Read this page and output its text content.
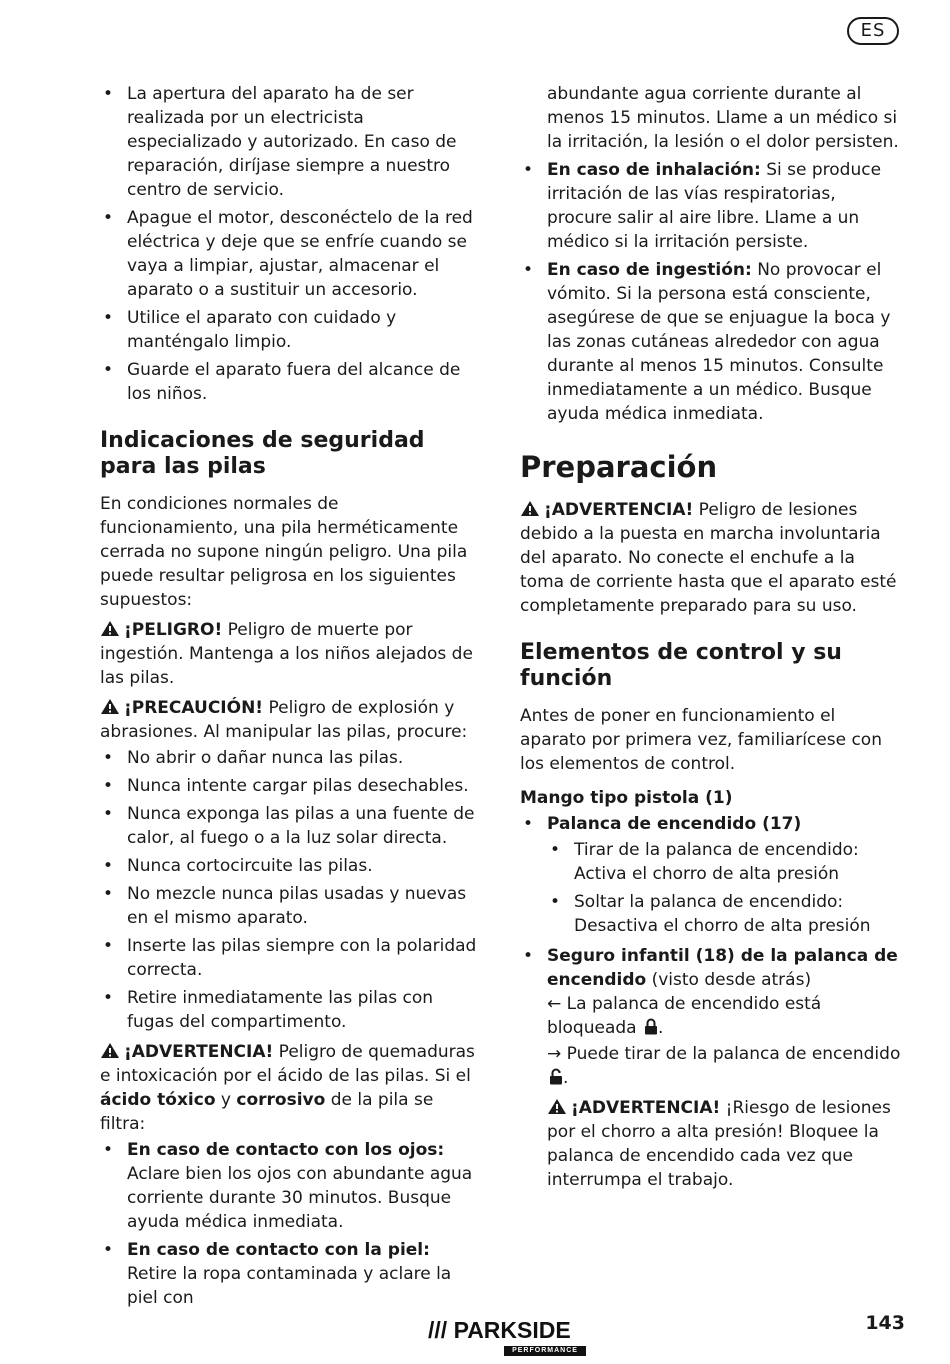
ES
• La apertura del aparato ha de ser realizada por un electricista especializado y autorizado. En caso de reparación, diríjase siempre a nuestro centro de servicio.
• Apague el motor, desconéctelo de la red eléctrica y deje que se enfríe cuando se vaya a limpiar, ajustar, almacenar el aparato o a sustituir un accesorio.
• Utilice el aparato con cuidado y manténgalo limpio.
• Guarde el aparato fuera del alcance de los niños.
Indicaciones de seguridad para las pilas

En condiciones normales de funcionamiento, una pila herméticamente cerrada no supone ningún peligro. Una pila puede resultar peligrosa en los siguientes supuestos:

¡PELIGRO! Peligro de muerte por ingestión. Mantenga a los niños alejados de las pilas.

¡PRECAUCIÓN! Peligro de explosión y abrasiones. Al manipular las pilas, procure:

• No abrir o dañar nunca las pilas.
• Nunca intente cargar pilas desechables.
• Nunca exponga las pilas a una fuente de calor, al fuego o a la luz solar directa.
• Nunca cortocircuite las pilas.
• No mezcle nunca pilas usadas y nuevas en el mismo aparato.
• Inserte las pilas siempre con la polaridad correcta.
• Retire inmediatamente las pilas con fugas del compartimento.

¡ADVERTENCIA! Peligro de quemaduras e intoxicación por el ácido de las pilas. Si el ácido tóxico y corrosivo de la pila se filtra:

• En caso de contacto con los ojos: Aclare bien los ojos con abundante agua corriente durante 30 minutos. Busque ayuda médica inmediata.
• En caso de contacto con la piel: Retire la ropa contaminada y aclare la piel con

abundante agua corriente durante al menos 15 minutos. Llame a un médico si la irritación, la lesión o el dolor persisten.

• En caso de inhalación: Si se produce irritación de las vías respiratorias, procure salir al aire libre. Llame a un médico si la irritación persiste.
• En caso de ingestión: No provocar el vómito. Si la persona está consciente, asegúrese de que se enjuague la boca y las zonas cutáneas alrededor con agua durante al menos 15 minutos. Consulte inmediatamente a un médico. Busque ayuda médica inmediata.
Preparación

¡ADVERTENCIA! Peligro de lesiones debido a la puesta en marcha involuntaria del aparato. No conecte el enchufe a la toma de corriente hasta que el aparato esté completamente preparado para su uso.

Elementos de control y su función

Antes de poner en funcionamiento el aparato por primera vez, familiarícese con los elementos de control.

Mango tipo pistola (1)
• Palanca de encendido (17)
• Tirar de la palanca de encendido: Activa el chorro de alta presión
• Soltar la palanca de encendido: Desactiva el chorro de alta presión
• Seguro infantil (18) de la palanca de encendido (visto desde atrás)
← La palanca de encendido está bloqueada .
→ Puede tirar de la palanca de encendido .

¡ADVERTENCIA! ¡Riesgo de lesiones por el chorro a alta presión! Bloquee la palanca de encendido cada vez que interrumpa el trabajo.

/// PARKSIDE
PERFORMANCE
143
